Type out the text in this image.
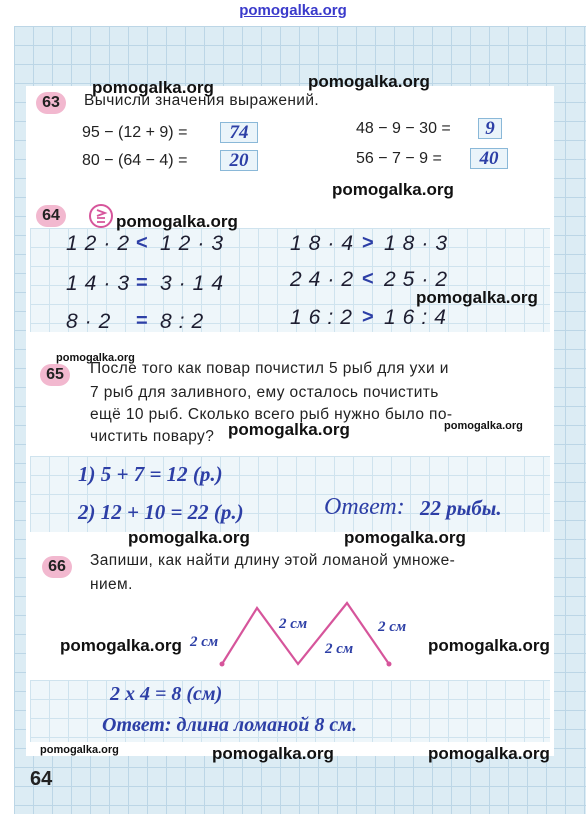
pomogalka.org
63	Вычисли значения выражений.
95 − (12 + 9) =	74
80 − (64 − 4) =	20
48 − 9 − 30 =	9
56 − 7 − 9 =	40
64
12·2 < 12·3	18·4 > 18·3
14·3 = 3·14	24·2 < 25·2
8·2 = 8:2	16:2 > 16:4
65	После того как повар почистил 5 рыб для ухи и
7 рыб для заливного, ему осталось почистить
ещё 10 рыб. Сколько всего рыб нужно было по-
чистить повару?
1) 5 + 7 = 12 (р.)
2) 12 + 10 = 22 (р.)	Ответ: 22 рыбы.
66	Запиши, как найти длину этой ломаной умноже-
нием.
2 см
2 см
2 см
2 см
2 х 4 = 8 (см)
Ответ: длина ломаной 8 см.
64
pomogalka.org	pomogalka.org
pomogalka.org
pomogalka.org
pomogalka.org
pomogalka.org
pomogalka.org	pomogalka.org
pomogalka.org	pomogalka.org
pomogalka.org	pomogalka.org
pomogalka.org	pomogalka.org	pomogalka.org
